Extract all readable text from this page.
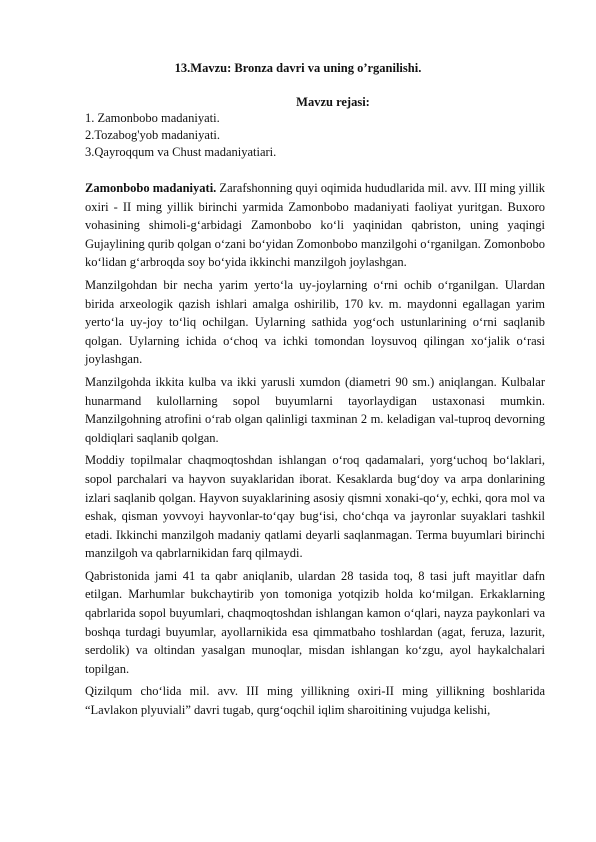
13.Mavzu: Bronza davri va uning o’rganilishi.
Mavzu rejasi:
1. Zamonbobo madaniyati.
2.Tozabog'yob madaniyati.
3.Qayroqqum va Chust madaniyatiari.

Zamonbobo madaniyati. Zarafshonning quyi oqimida hududlarida mil. avv. III ming yillik oxiri - II ming yillik birinchi yarmida Zamonbobo madaniyati faoliyat yuritgan. Buxoro vohasining shimoli-g‘arbidagi Zamonbobo ko‘li yaqinidan qabriston, uning yaqingi Gujaylining qurib qolgan o‘zani bo‘yidan Zomonbobo manzilgohi o‘rganilgan. Zomonbobo ko‘lidan g‘arbroqda soy bo‘yida ikkinchi manzilgoh joylashgan.

Manzilgohdan bir necha yarim yerto‘la uy-joylarning o‘rni ochib o‘rganilgan. Ulardan birida arxeologik qazish ishlari amalga oshirilib, 170 kv. m. maydonni egallagan yarim yerto‘la uy-joy to‘liq ochilgan. Uylarning sathida yog‘och ustunlarining o‘rni saqlanib qolgan. Uylarning ichida o‘choq va ichki tomondan loysuvoq qilingan xo‘jalik o‘rasi joylashgan.

Manzilgohda ikkita kulba va ikki yarusli xumdon (diametri 90 sm.) aniqlangan. Kulbalar hunarmand kulollarning sopol buyumlarni tayorlaydigan ustaxonasi mumkin. Manzilgohning atrofini o‘rab olgan qalinligi taxminan 2 m. keladigan val-tuproq devorning qoldiqlari saqlanib qolgan.

Moddiy topilmalar chaqmoqtoshdan ishlangan o‘roq qadamalari, yorg‘uchoq bo‘laklari, sopol parchalari va hayvon suyaklaridan iborat. Kesaklarda bug‘doy va arpa donlarining izlari saqlanib qolgan. Hayvon suyaklarining asosiy qismni xonaki-qo‘y, echki, qora mol va eshak, qisman yovvoyi hayvonlar-to‘qay bug‘isi, cho‘chqa va jayronlar suyaklari tashkil etadi. Ikkinchi manzilgoh madaniy qatlami deyarli saqlanmagan. Terma buyumlari birinchi manzilgoh va qabrlarnikidan farq qilmaydi.

Qabristonida jami 41 ta qabr aniqlanib, ulardan 28 tasida toq, 8 tasi juft mayitlar dafn etilgan. Marhumlar bukchaytirib yon tomoniga yotqizib holda ko‘milgan. Erkaklarning qabrlarida sopol buyumlari, chaqmoqtoshdan ishlangan kamon o‘qlari, nayza paykonlari va boshqa turdagi buyumlar, ayollarnikida esa qimmatbaho toshlardan (agat, feruza, lazurit, serdolik) va oltindan yasalgan munoqlar, misdan ishlangan ko‘zgu, ayol haykalchalari topilgan.

Qizilqum cho‘lida mil. avv. III ming yillikning oxiri-II ming yillikning boshlarida “Lavlakon plyuviali” davri tugab, qurg‘oqchil iqlim sharoitining vujudga kelishi,
